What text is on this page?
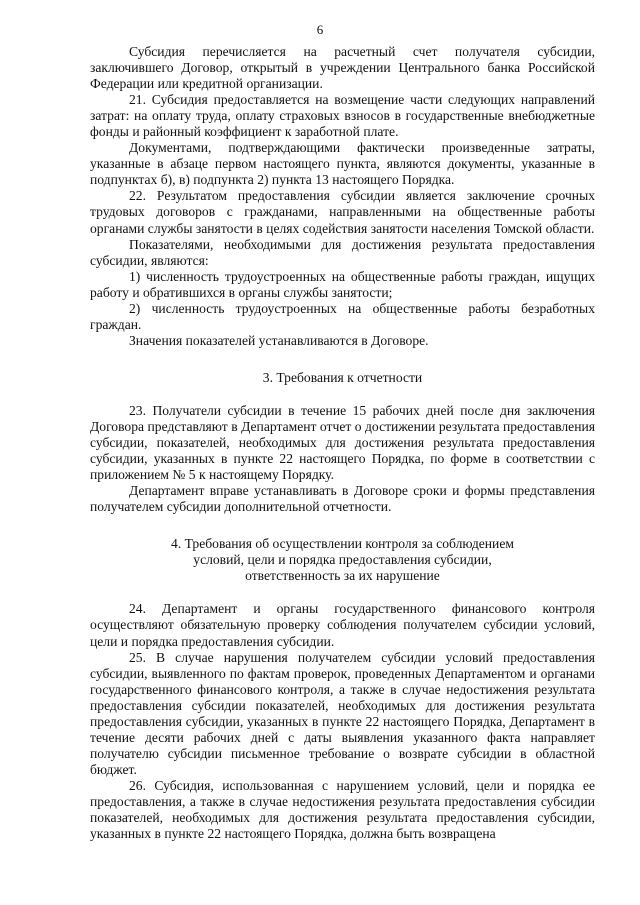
6

Субсидия перечисляется на расчетный счет получателя субсидии, заключившего Договор, открытый в учреждении Центрального банка Российской Федерации или кредитной организации.

21. Субсидия предоставляется на возмещение части следующих направлений затрат: на оплату труда, оплату страховых взносов в государственные внебюджетные фонды и районный коэффициент к заработной плате.

Документами, подтверждающими фактически произведенные затраты, указанные в абзаце первом настоящего пункта, являются документы, указанные в подпунктах б), в) подпункта 2) пункта 13 настоящего Порядка.

22. Результатом предоставления субсидии является заключение срочных трудовых договоров с гражданами, направленными на общественные работы органами службы занятости в целях содействия занятости населения Томской области.

Показателями, необходимыми для достижения результата предоставления субсидии, являются:

1) численность трудоустроенных на общественные работы граждан, ищущих работу и обратившихся в органы службы занятости;

2) численность трудоустроенных на общественные работы безработных граждан.

Значения показателей устанавливаются в Договоре.

3. Требования к отчетности

23. Получатели субсидии в течение 15 рабочих дней после дня заключения Договора представляют в Департамент отчет о достижении результата предоставления субсидии, показателей, необходимых для достижения результата предоставления субсидии, указанных в пункте 22 настоящего Порядка, по форме в соответствии с приложением № 5 к настоящему Порядку.

Департамент вправе устанавливать в Договоре сроки и формы представления получателем субсидии дополнительной отчетности.

4. Требования об осуществлении контроля за соблюдением
условий, цели и порядка предоставления субсидии,
ответственность за их нарушение

24. Департамент и органы государственного финансового контроля осуществляют обязательную проверку соблюдения получателем субсидии условий, цели и порядка предоставления субсидии.

25. В случае нарушения получателем субсидии условий предоставления субсидии, выявленного по фактам проверок, проведенных Департаментом и органами государственного финансового контроля, а также в случае недостижения результата предоставления субсидии показателей, необходимых для достижения результата предоставления субсидии, указанных в пункте 22 настоящего Порядка, Департамент в течение десяти рабочих дней с даты выявления указанного факта направляет получателю субсидии письменное требование о возврате субсидии в областной бюджет.

26. Субсидия, использованная с нарушением условий, цели и порядка ее предоставления, а также в случае недостижения результата предоставления субсидии показателей, необходимых для достижения результата предоставления субсидии, указанных в пункте 22 настоящего Порядка, должна быть возвращена
